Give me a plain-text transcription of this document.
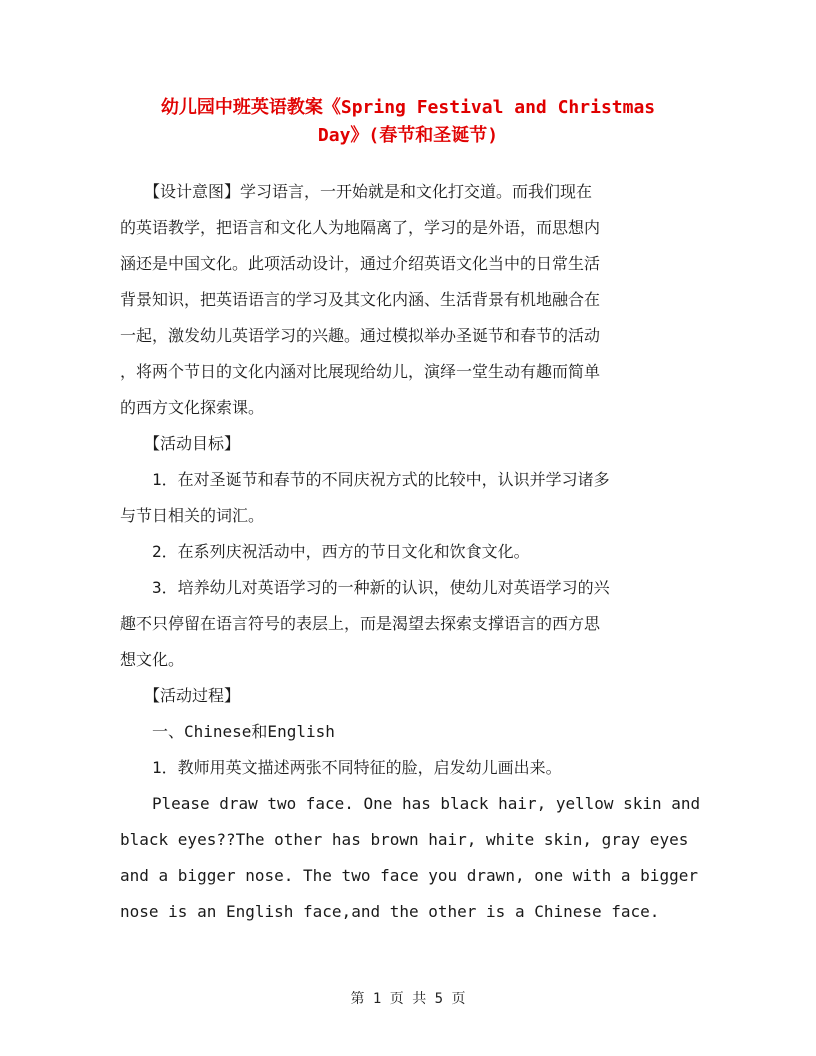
幼儿园中班英语教案《Spring Festival and Christmas
Day》(春节和圣诞节)
　　【设计意图】学习语言，一开始就是和文化打交道。而我们现在
的英语教学，把语言和文化人为地隔离了，学习的是外语，而思想内
涵还是中国文化。此项活动设计，通过介绍英语文化当中的日常生活
背景知识，把英语语言的学习及其文化内涵、生活背景有机地融合在
一起，激发幼儿英语学习的兴趣。通过模拟举办圣诞节和春节的活动
，将两个节日的文化内涵对比展现给幼儿，演绎一堂生动有趣而简单
的西方文化探索课。
　　【活动目标】
　　1．在对圣诞节和春节的不同庆祝方式的比较中，认识并学习诸多
与节日相关的词汇。
　　2．在系列庆祝活动中，西方的节日文化和饮食文化。
　　3．培养幼儿对英语学习的一种新的认识，使幼儿对英语学习的兴
趣不只停留在语言符号的表层上，而是渴望去探索支撑语言的西方思
想文化。
　　【活动过程】
　　一、Chinese和English
　　1．教师用英文描述两张不同特征的脸，启发幼儿画出来。
　　Please draw two face. One has black hair, yellow skin and
black eyes??The other has brown hair, white skin, gray eyes
and a bigger nose. The two face you drawn, one with a bigger
nose is an English face,and the other is a Chinese face.
第 1 页 共 5 页
